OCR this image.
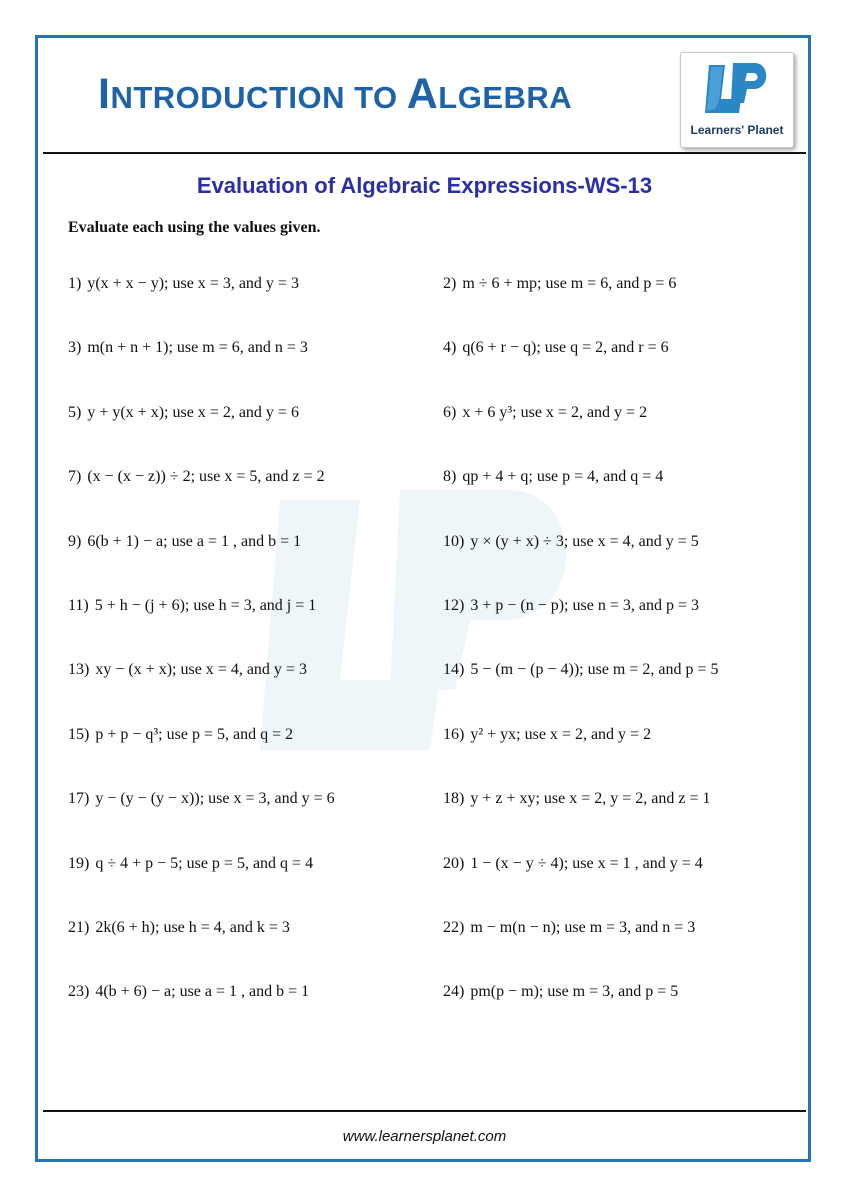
INTRODUCTION TO ALGEBRA
Learners' Planet
Evaluation of Algebraic Expressions-WS-13
Evaluate each using the values given.
1) y(x + x − y); use x = 3, and y = 3	2) m ÷ 6 + mp; use m = 6, and p = 6
3) m(n + n + 1); use m = 6, and n = 3	4) q(6 + r − q); use q = 2, and r = 6
5) y + y(x + x); use x = 2, and y = 6	6) x + 6 y³; use x = 2, and y = 2
7) (x − (x − z)) ÷ 2; use x = 5, and z = 2	8) qp + 4 + q; use p = 4, and q = 4
9) 6(b + 1) − a; use a = 1 , and b = 1	10) y × (y + x) ÷ 3; use x = 4, and y = 5
11) 5 + h − (j + 6); use h = 3, and j = 1	12) 3 + p − (n − p); use n = 3, and p = 3
13) xy − (x + x); use x = 4, and y = 3	14) 5 − (m − (p − 4)); use m = 2, and p = 5
15) p + p − q³; use p = 5, and q = 2	16) y² + yx; use x = 2, and y = 2
17) y − (y − (y − x)); use x = 3, and y = 6	18) y + z + xy; use x = 2, y = 2, and z = 1
19) q ÷ 4 + p − 5; use p = 5, and q = 4	20) 1 − (x − y ÷ 4); use x = 1 , and y = 4
21) 2k(6 + h); use h = 4, and k = 3	22) m − m(n − n); use m = 3, and n = 3
23) 4(b + 6) − a; use a = 1 , and b = 1	24) pm(p − m); use m = 3, and p = 5
www.learnersplanet.com
